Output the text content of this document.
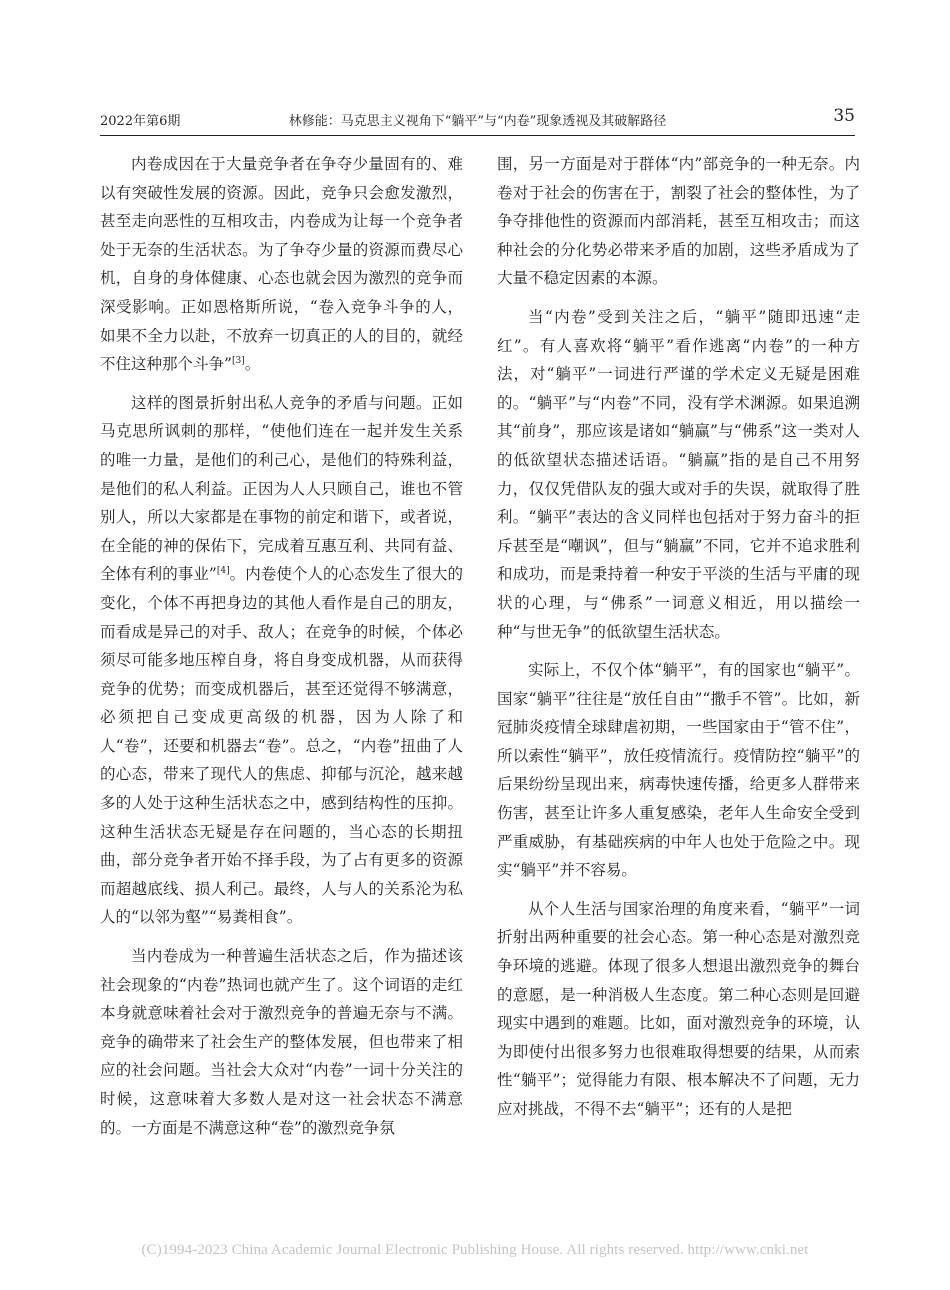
2022年第6期	林修能：马克思主义视角下“躺平”与“内卷”现象透视及其破解路径	35

内卷成因在于大量竞争者在争夺少量固有的、难以有突破性发展的资源。因此，竞争只会愈发激烈，甚至走向恶性的互相攻击，内卷成为让每一个竞争者处于无奈的生活状态。为了争夺少量的资源而费尽心机，自身的身体健康、心态也就会因为激烈的竞争而深受影响。正如恩格斯所说，“卷入竞争斗争的人，如果不全力以赴，不放弃一切真正的人的目的，就经不住这种那个斗争”[3]。

这样的图景折射出私人竞争的矛盾与问题。正如马克思所讽刺的那样，“使他们连在一起并发生关系的唯一力量，是他们的利己心，是他们的特殊利益，是他们的私人利益。正因为人人只顾自己，谁也不管别人，所以大家都是在事物的前定和谐下，或者说，在全能的神的保佑下，完成着互惠互利、共同有益、全体有利的事业”[4]。内卷使个人的心态发生了很大的变化，个体不再把身边的其他人看作是自己的朋友，而看成是异己的对手、敌人；在竞争的时候，个体必须尽可能多地压榨自身，将自身变成机器，从而获得竞争的优势；而变成机器后，甚至还觉得不够满意，必须把自己变成更高级的机器，因为人除了和人“卷”，还要和机器去“卷”。总之，“内卷”扭曲了人的心态，带来了现代人的焦虑、抑郁与沉沦，越来越多的人处于这种生活状态之中，感到结构性的压抑。这种生活状态无疑是存在问题的，当心态的长期扭曲，部分竞争者开始不择手段，为了占有更多的资源而超越底线、损人利己。最终，人与人的关系沦为私人的“以邻为壑”“易粪相食”。

当内卷成为一种普遍生活状态之后，作为描述该社会现象的“内卷”热词也就产生了。这个词语的走红本身就意味着社会对于激烈竞争的普遍无奈与不满。竞争的确带来了社会生产的整体发展，但也带来了相应的社会问题。当社会大众对“内卷”一词十分关注的时候，这意味着大多数人是对这一社会状态不满意的。一方面是不满意这种“卷”的激烈竞争氛

围，另一方面是对于群体“内”部竞争的一种无奈。内卷对于社会的伤害在于，割裂了社会的整体性，为了争夺排他性的资源而内部消耗，甚至互相攻击；而这种社会的分化势必带来矛盾的加剧，这些矛盾成为了大量不稳定因素的本源。

当“内卷”受到关注之后，“躺平”随即迅速“走红”。有人喜欢将“躺平”看作逃离“内卷”的一种方法，对“躺平”一词进行严谨的学术定义无疑是困难的。“躺平”与“内卷”不同，没有学术渊源。如果追溯其“前身”，那应该是诸如“躺赢”与“佛系”这一类对人的低欲望状态描述话语。“躺赢”指的是自己不用努力，仅仅凭借队友的强大或对手的失误，就取得了胜利。“躺平”表达的含义同样也包括对于努力奋斗的拒斥甚至是“嘲讽”，但与“躺赢”不同，它并不追求胜利和成功，而是秉持着一种安于平淡的生活与平庸的现状的心理，与“佛系”一词意义相近，用以描绘一种“与世无争”的低欲望生活状态。

实际上，不仅个体“躺平”，有的国家也“躺平”。国家“躺平”往往是“放任自由”“撒手不管”。比如，新冠肺炎疫情全球肆虐初期，一些国家由于“管不住”，所以索性“躺平”，放任疫情流行。疫情防控“躺平”的后果纷纷呈现出来，病毒快速传播，给更多人群带来伤害，甚至让许多人重复感染，老年人生命安全受到严重威胁，有基础疾病的中年人也处于危险之中。现实“躺平”并不容易。

从个人生活与国家治理的角度来看，“躺平”一词折射出两种重要的社会心态。第一种心态是对激烈竞争环境的逃避。体现了很多人想退出激烈竞争的舞台的意愿，是一种消极人生态度。第二种心态则是回避现实中遇到的难题。比如，面对激烈竞争的环境，认为即使付出很多努力也很难取得想要的结果，从而索性“躺平”；觉得能力有限、根本解决不了问题，无力应对挑战，不得不去“躺平”；还有的人是把

(C)1994-2023 China Academic Journal Electronic Publishing House. All rights reserved. http://www.cnki.net
